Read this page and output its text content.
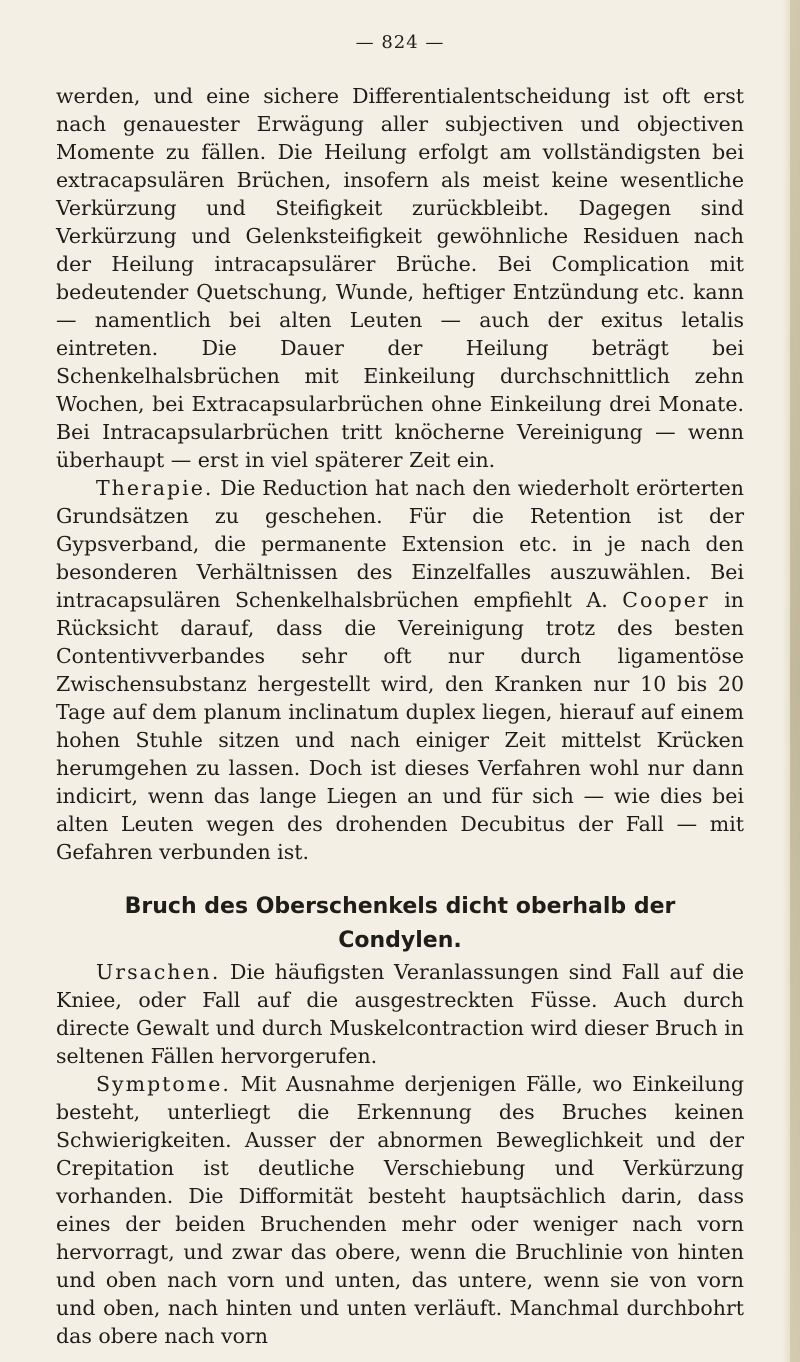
— 824 —

werden, und eine sichere Differentialentscheidung ist oft erst nach genauester Erwägung aller subjectiven und objectiven Momente zu fällen. Die Heilung erfolgt am vollständigsten bei extracapsulären Brüchen, insofern als meist keine wesentliche Verkürzung und Steifigkeit zurückbleibt. Dagegen sind Verkürzung und Gelenksteifigkeit gewöhnliche Residuen nach der Heilung intracapsulärer Brüche. Bei Complication mit bedeutender Quetschung, Wunde, heftiger Entzündung etc. kann — namentlich bei alten Leuten — auch der exitus letalis eintreten. Die Dauer der Heilung beträgt bei Schenkelhalsbrüchen mit Einkeilung durchschnittlich zehn Wochen, bei Extracapsularbrüchen ohne Einkeilung drei Monate. Bei Intracapsularbrüchen tritt knöcherne Vereinigung — wenn überhaupt — erst in viel späterer Zeit ein.

Therapie. Die Reduction hat nach den wiederholt erörterten Grundsätzen zu geschehen. Für die Retention ist der Gypsverband, die permanente Extension etc. in je nach den besonderen Verhältnissen des Einzelfalles auszuwählen. Bei intracapsulären Schenkelhalsbrüchen empfiehlt A. Cooper in Rücksicht darauf, dass die Vereinigung trotz des besten Contentivverbandes sehr oft nur durch ligamentöse Zwischensubstanz hergestellt wird, den Kranken nur 10 bis 20 Tage auf dem planum inclinatum duplex liegen, hierauf auf einem hohen Stuhle sitzen und nach einiger Zeit mittelst Krücken herumgehen zu lassen. Doch ist dieses Verfahren wohl nur dann indicirt, wenn das lange Liegen an und für sich — wie dies bei alten Leuten wegen des drohenden Decubitus der Fall — mit Gefahren verbunden ist.

Bruch des Oberschenkels dicht oberhalb der
Condylen.

Ursachen. Die häufigsten Veranlassungen sind Fall auf die Kniee, oder Fall auf die ausgestreckten Füsse. Auch durch directe Gewalt und durch Muskelcontraction wird dieser Bruch in seltenen Fällen hervorgerufen.

Symptome. Mit Ausnahme derjenigen Fälle, wo Einkeilung besteht, unterliegt die Erkennung des Bruches keinen Schwierigkeiten. Ausser der abnormen Beweglichkeit und der Crepitation ist deutliche Verschiebung und Verkürzung vorhanden. Die Difformität besteht hauptsächlich darin, dass eines der beiden Bruchenden mehr oder weniger nach vorn hervorragt, und zwar das obere, wenn die Bruchlinie von hinten und oben nach vorn und unten, das untere, wenn sie von vorn und oben, nach hinten und unten verläuft. Manchmal durchbohrt das obere nach vorn
